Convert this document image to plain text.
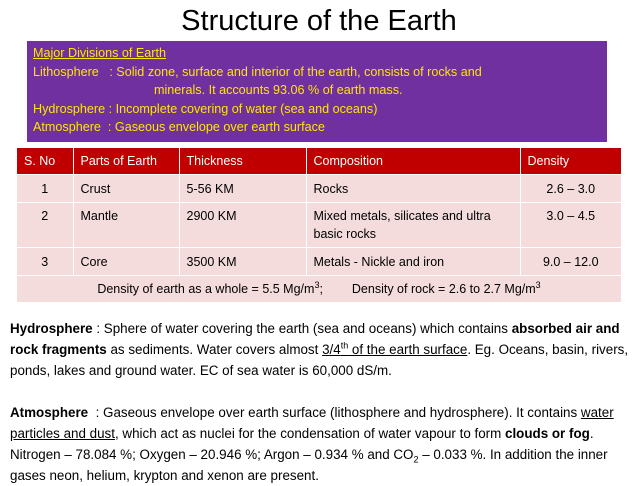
Structure of the Earth
Major Divisions of Earth
Lithosphere   : Solid zone, surface and interior of the earth, consists of rocks and
minerals. It accounts 93.06 % of earth mass.
Hydrosphere : Incomplete covering of water (sea and oceans)
Atmosphere  : Gaseous envelope over earth surface
S. No	Parts of Earth	Thickness	Composition	Density
1	Crust	5-56 KM	Rocks	2.6 – 3.0
2	Mantle	2900 KM	Mixed metals, silicates and ultra basic rocks	3.0 – 4.5
3	Core	3500 KM	Metals - Nickle and iron	9.0 – 12.0
Density of earth as a whole = 5.5 $Mg/m^3$; Density of rock = 2.6 to 2.7 $Mg/m^3$

Hydrosphere : Sphere of water covering the earth (sea and oceans) which contains absorbed air and rock fragments as sediments. Water covers almost 3/4th of the earth surface. Eg. Oceans, basin, rivers, ponds, lakes and ground water. EC of sea water is 60,000 dS/m.

Atmosphere  : Gaseous envelope over earth surface (lithosphere and hydrosphere). It contains water particles and dust, which act as nuclei for the condensation of water vapour to form clouds or fog. Nitrogen – 78.084 %; Oxygen – 20.946 %; Argon – 0.934 % and $CO_2 - 0.033$ %. In addition the inner gases neon, helium, krypton and xenon are present.
